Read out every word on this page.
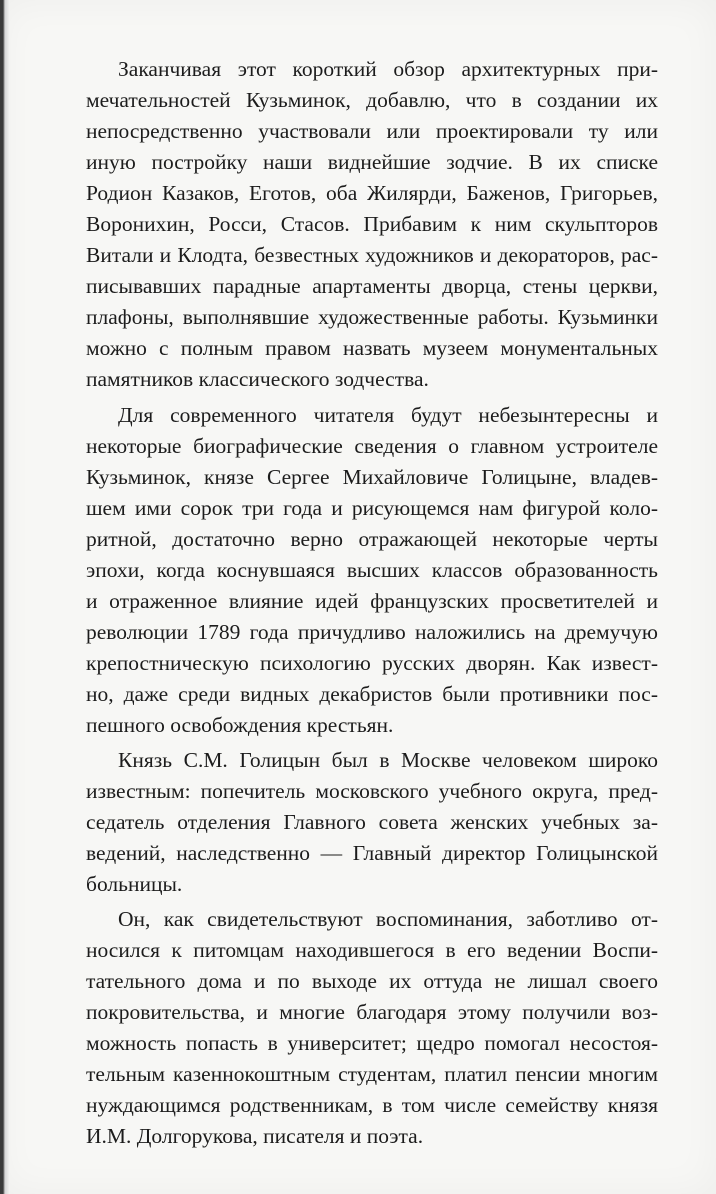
Заканчивая этот короткий обзор архитектурных при-
мечательностей Кузьминок, добавлю, что в создании их
непосредственно участвовали или проектировали ту или
иную постройку наши виднейшие зодчие. В их списке
Родион Казаков, Еготов, оба Жилярди, Баженов, Григорьев,
Воронихин, Росси, Стасов. Прибавим к ним скульпторов
Витали и Клодта, безвестных художников и декораторов, рас-
писывавших парадные апартаменты дворца, стены церкви,
плафоны, выполнявшие художественные работы. Кузьминки
можно с полным правом назвать музеем монументальных
памятников классического зодчества.
Для современного читателя будут небезынтересны и
некоторые биографические сведения о главном устроителе
Кузьминок, князе Сергее Михайловиче Голицыне, владев-
шем ими сорок три года и рисующемся нам фигурой коло-
ритной, достаточно верно отражающей некоторые черты
эпохи, когда коснувшаяся высших классов образованность
и отраженное влияние идей французских просветителей и
революции 1789 года причудливо наложились на дремучую
крепостническую психологию русских дворян. Как извест-
но, даже среди видных декабристов были противники пос-
пешного освобождения крестьян.
Князь С.М. Голицын был в Москве человеком широко
известным: попечитель московского учебного округа, пред-
седатель отделения Главного совета женских учебных за-
ведений, наследственно — Главный директор Голицынской
больницы.
Он, как свидетельствуют воспоминания, заботливо от-
носился к питомцам находившегося в его ведении Воспи-
тательного дома и по выходе их оттуда не лишал своего
покровительства, и многие благодаря этому получили воз-
можность попасть в университет; щедро помогал несостоя-
тельным казеннокоштным студентам, платил пенсии многим
нуждающимся родственникам, в том числе семейству князя
И.М. Долгорукова, писателя и поэта.
